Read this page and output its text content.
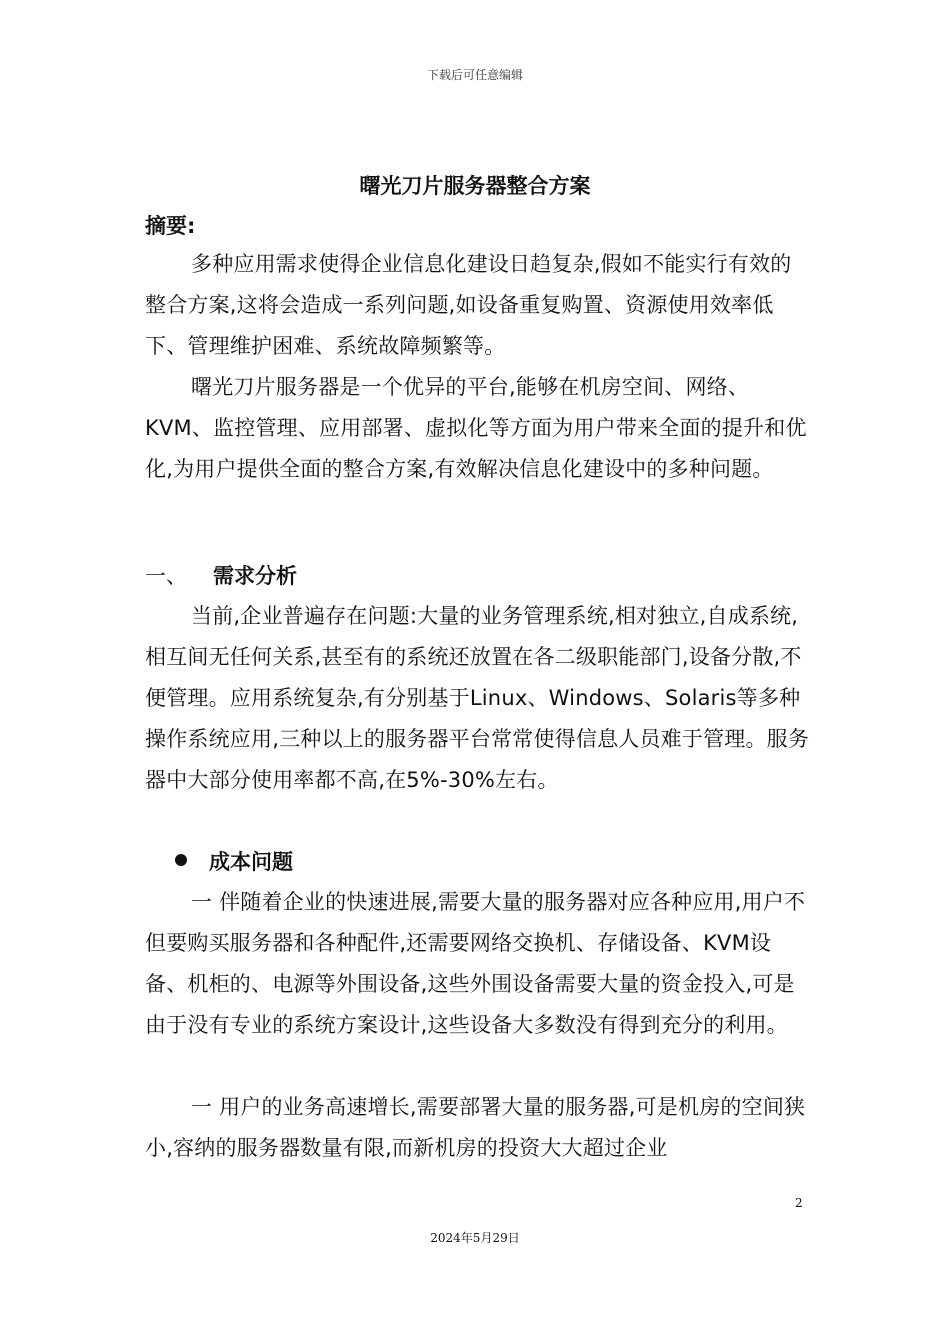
下载后可任意编辑
曙光刀片服务器整合方案
摘要:

多种应用需求使得企业信息化建设日趋复杂,假如不能实行有效的整合方案,这将会造成一系列问题,如设备重复购置、资源使用效率低下、管理维护困难、系统故障频繁等。

曙光刀片服务器是一个优异的平台,能够在机房空间、网络、KVM、监控管理、应用部署、虚拟化等方面为用户带来全面的提升和优化,为用户提供全面的整合方案,有效解决信息化建设中的多种问题。

一、 需求分析

当前,企业普遍存在问题:大量的业务管理系统,相对独立,自成系统,相互间无任何关系,甚至有的系统还放置在各二级职能部门,设备分散,不便管理。应用系统复杂,有分别基于Linux、Windows、Solaris等多种操作系统应用,三种以上的服务器平台常常使得信息人员难于管理。服务器中大部分使用率都不高,在5%-30%左右。

成本问题

一 伴随着企业的快速进展,需要大量的服务器对应各种应用,用户不但要购买服务器和各种配件,还需要网络交换机、存储设备、KVM设备、机柜的、电源等外围设备,这些外围设备需要大量的资金投入,可是由于没有专业的系统方案设计,这些设备大多数没有得到充分的利用。

一 用户的业务高速增长,需要部署大量的服务器,可是机房的空间狭小,容纳的服务器数量有限,而新机房的投资大大超过企业

2
2024年5月29日
